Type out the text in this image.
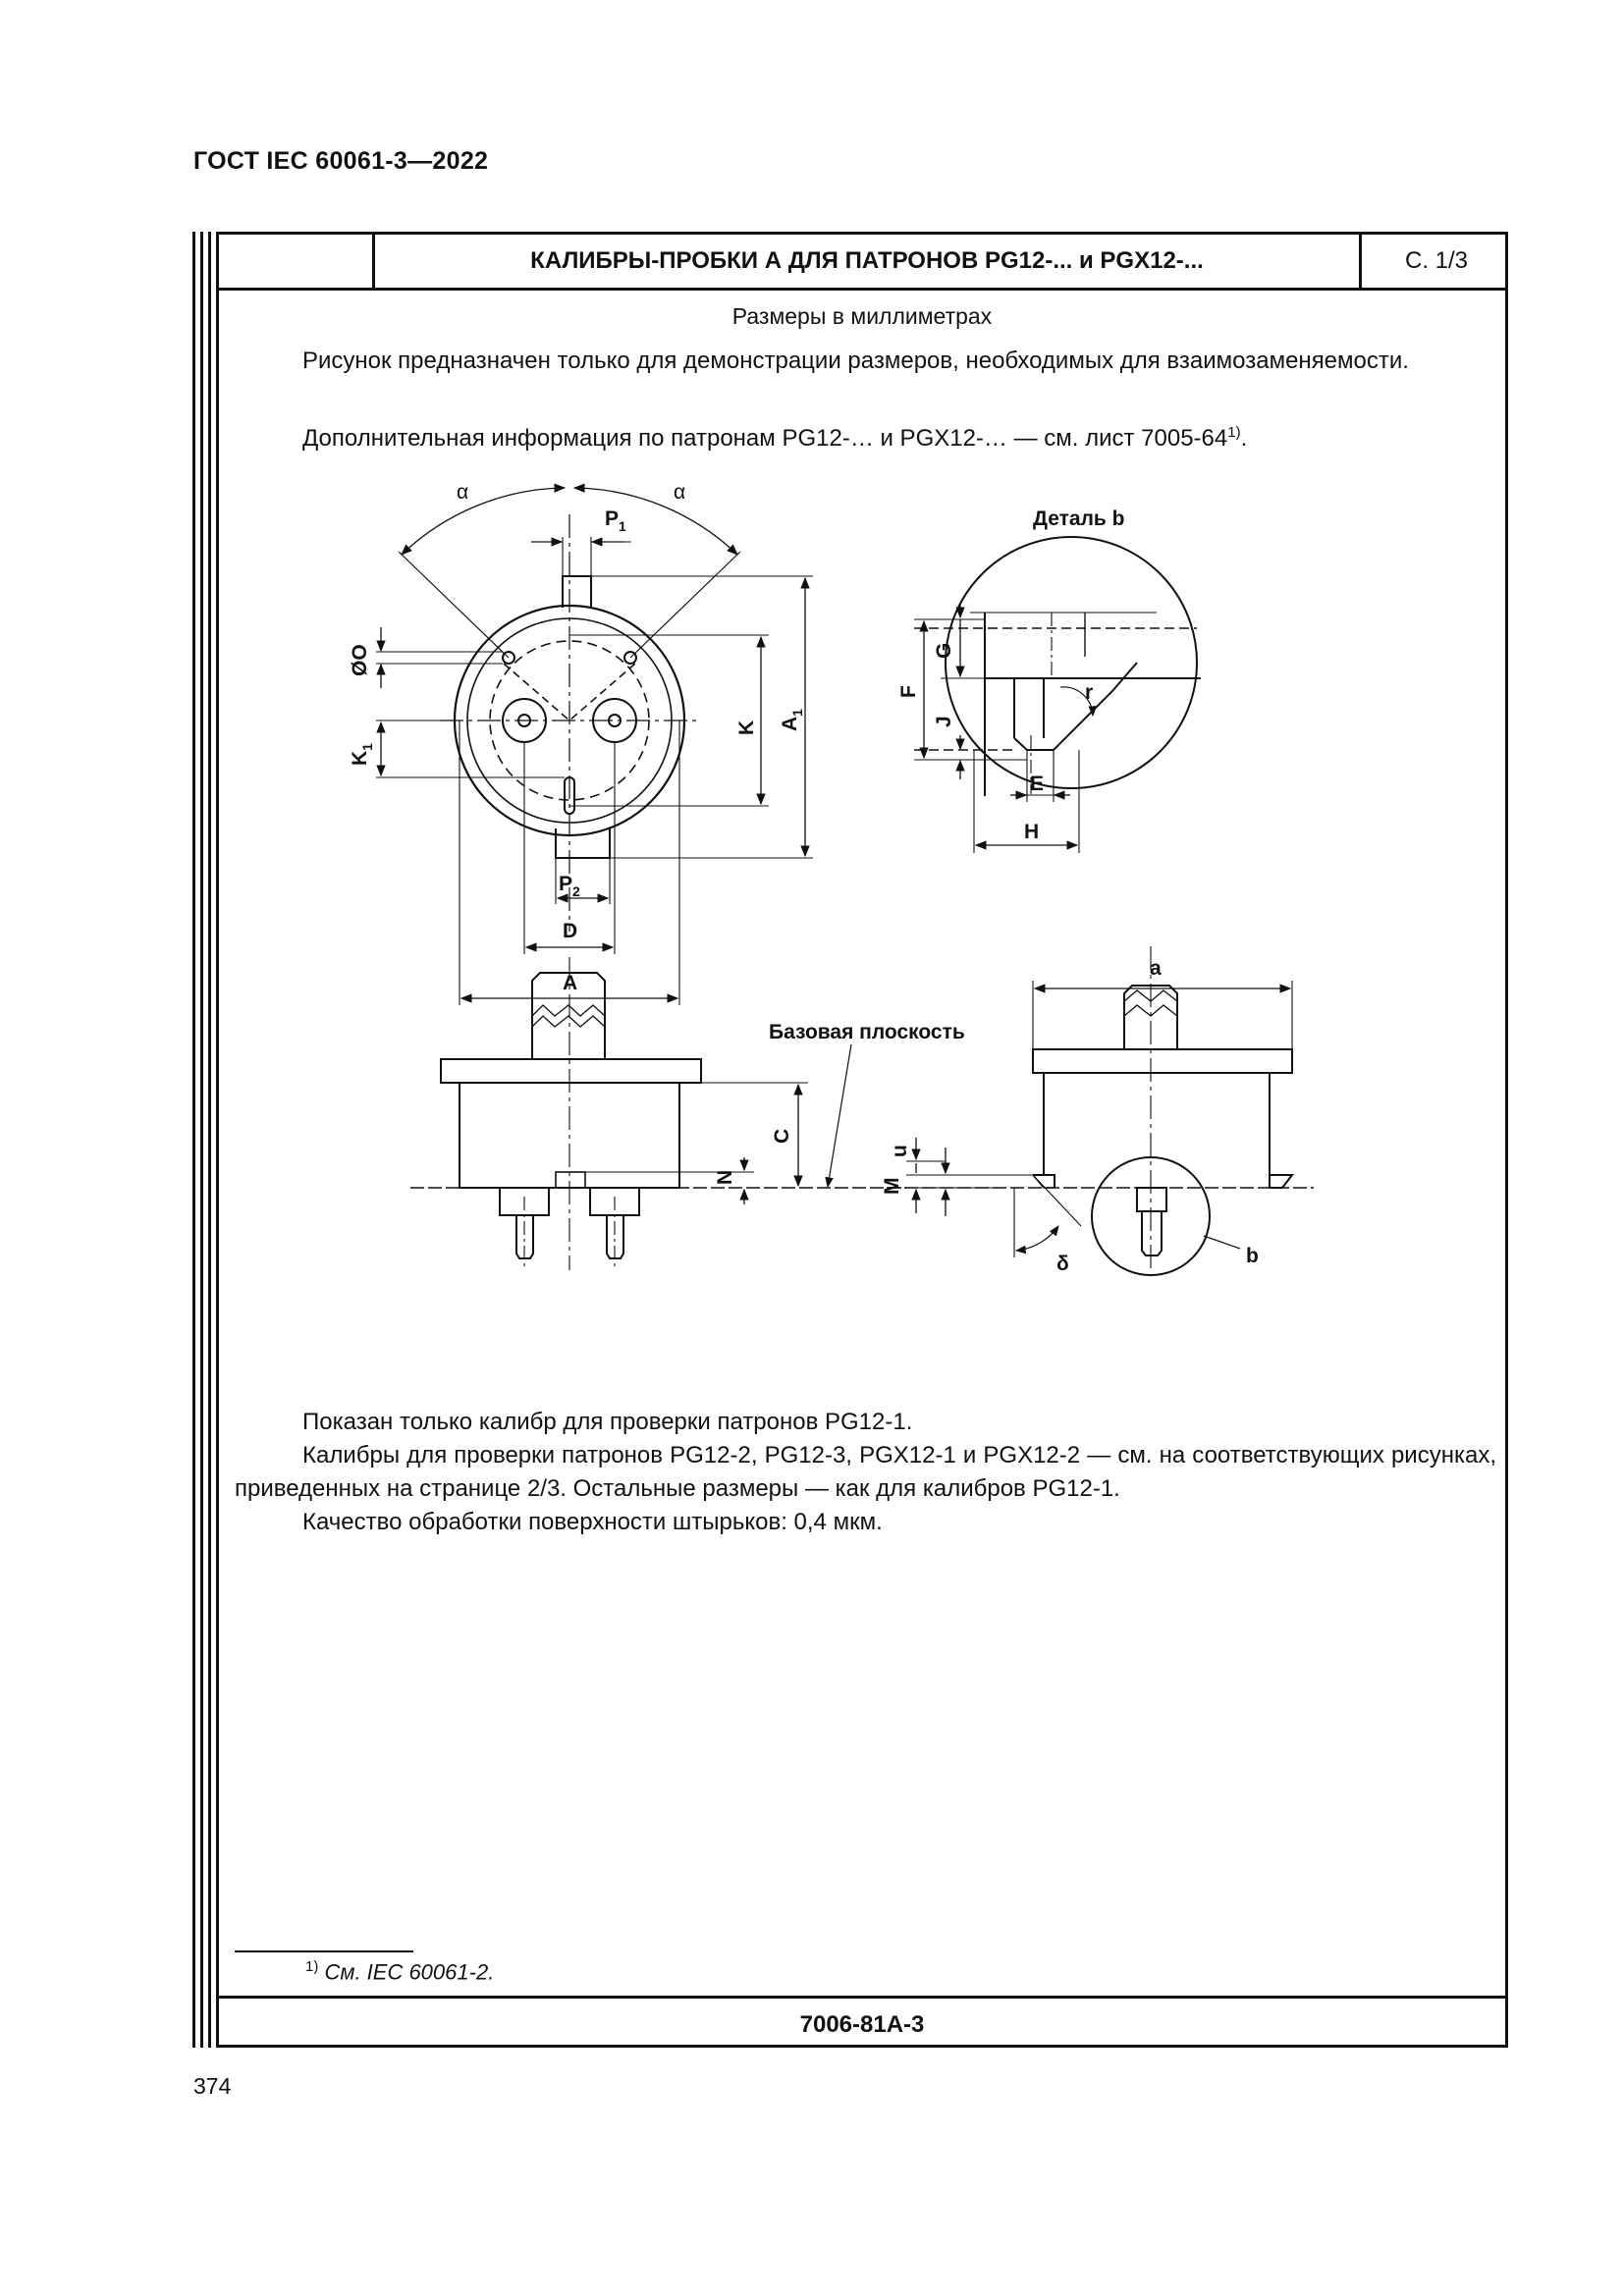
ГОСТ IEC 60061-3—2022
КАЛИБРЫ-ПРОБКИ А ДЛЯ ПАТРОНОВ PG12-... и PGX12-...	С. 1/3
Размеры в миллиметрах
Рисунок предназначен только для демонстрации размеров, необходимых для взаимозаменяемости.
Дополнительная информация по патронам PG12-… и PGX12-… — см. лист 7005-64$^{1)}$.
α	α
$P_1$
ØO
$K_1$
K $A_1$
$P_2$
D
A
Деталь b
G
F
J
r
E
H
a
Базовая плоскость
C
N
u
M
δ	b
Показан только калибр для проверки патронов PG12-1.
Калибры для проверки патронов PG12-2, PG12-3, PGX12-1 и PGX12-2 — см. на соответствующих рисунках, приведенных на странице 2/3. Остальные размеры — как для калибров PG12-1.
Качество обработки поверхности штырьков: 0,4 мкм.
$^{1)}$ См. IEC 60061-2.
7006-81A-3
374
